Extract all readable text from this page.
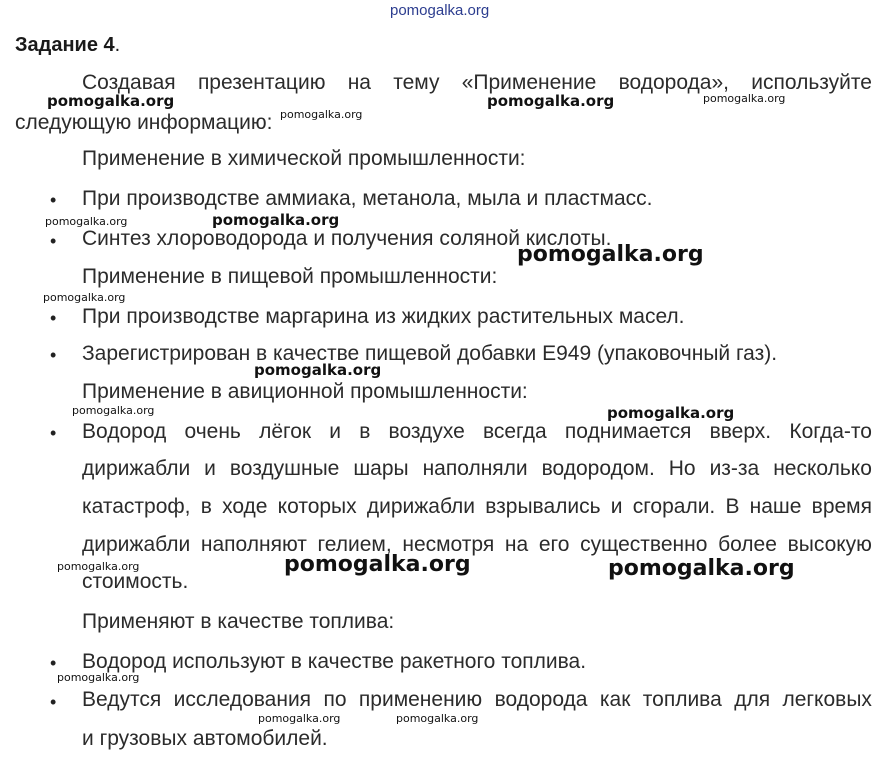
pomogalka.org
Задание 4.
Создавая презентацию на тему «Применение водорода», используйте
следующую информацию:
Применение в химической промышленности:
• При производстве аммиака, метанола, мыла и пластмасс.
• Синтез хлороводорода и получения соляной кислоты.
Применение в пищевой промышленности:
• При производстве маргарина из жидких растительных масел.
• Зарегистрирован в качестве пищевой добавки E949 (упаковочный газ).
Применение в авиционной промышленности:
• Водород очень лёгок и в воздухе всегда поднимается вверх. Когда-то
дирижабли и воздушные шары наполняли водородом. Но из-за несколько
катастроф, в ходе которых дирижабли взрывались и сгорали. В наше время
дирижабли наполняют гелием, несмотря на его существенно более высокую
стоимость.
Применяют в качестве топлива:
• Водород используют в качестве ракетного топлива.
• Ведутся исследования по применению водорода как топлива для легковых
и грузовых автомобилей.
pomogalka.org	pomogalka.org	pomogalka.org
pomogalka.org
pomogalka.org	pomogalka.org
pomogalka.org
pomogalka.org
pomogalka.org
pomogalka.org	pomogalka.org
pomogalka.org	pomogalka.org	pomogalka.org
pomogalka.org
pomogalka.org	pomogalka.org
